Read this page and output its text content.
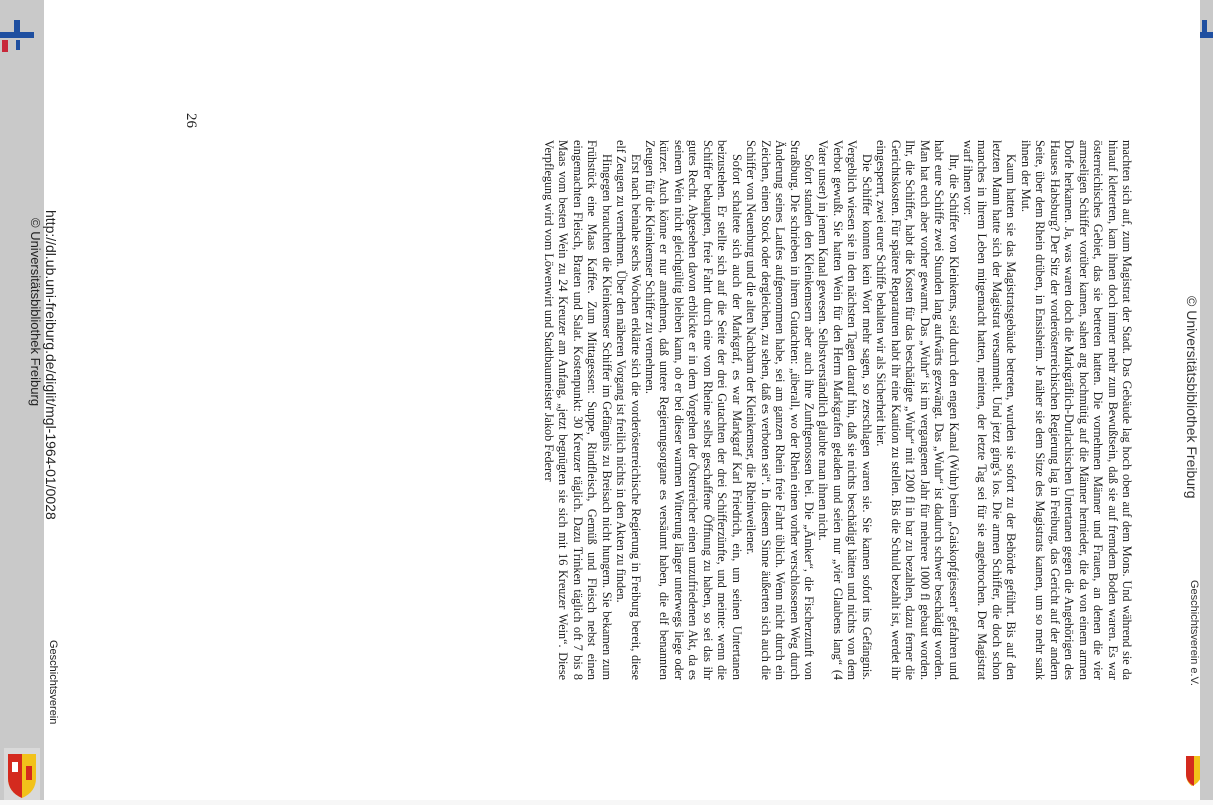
26

machten sich auf, zum Magistrat der Stadt. Das Gebäude lag hoch oben auf dem Mons. Und während sie da hinauf kletterten, kam ihnen doch immer mehr zum Bewußtsein, daß sie auf fremdem Boden waren. Es war österreichisches Gebiet, das sie betreten hatten. Die vornehmen Männer und Frauen, an denen die vier armseligen Schiffer vorüber kamen, sahen arg hochmütig auf die Männer hernieder, die da von einem armen Dorfe herkamen. Ja, was waren doch die Markgräflich-Durlachischen Untertanen gegen die Angehörigen des Hauses Habsburg? Der Sitz der vorderösterreichischen Regierung lag in Freiburg, das Gericht auf der andern Seite, über dem Rhein drüben, in Ensisheim. Je näher sie dem Sitze des Magistrats kamen, um so mehr sank ihnen der Mut.

Kaum hatten sie das Magistratsgebäude betreten, wurden sie sofort zu der Behörde geführt. Bis auf den letzten Mann hatte sich der Magistrat versammelt. Und jetzt ging's los. Die armen Schiffer, die doch schon manches in ihrem Leben mitgemacht hatten, meinten, der letzte Tag sei für sie angebrochen. Der Magistrat warf ihnen vor:

Ihr, die Schiffer von Kleinkems, seid durch den engen Kanal (Wuhr) beim „Gaiskopfgiessen“ gefahren und habt eure Schiffe zwei Stunden lang aufwärts gezwängt. Das „Wuhr“ ist dadurch schwer beschädigt worden. Man hat euch aber vorher gewarnt. Das „Wuhr“ ist im vergangenen Jahr für mehrere 1000 fl gebaut worden. Ihr, die Schiffer, habt die Kosten für das beschädigte „Wuhr“ mit 1200 fl in bar zu bezahlen, dazu ferner die Gerichtskosten. Für spätere Reparaturen habt ihr eine Kaution zu stellen. Bis die Schuld bezahlt ist, werdet ihr eingesperrt, zwei eurer Schiffe behalten wir als Sicherheit hier.

Die Schiffer konnten kein Wort mehr sagen, so zerschlagen waren sie. Sie kamen sofort ins Gefängnis. Vergeblich wiesen sie in den nächsten Tagen darauf hin, daß sie nichts beschädigt hätten und nichts von dem Verbot gewußt. Sie hatten Wein für den Herrn Markgrafen geladen und seien nur „vier Glaubens lang“ (4 Vater unser) in jenem Kanal gewesen. Selbstverständlich glaubte man ihnen nicht.

Sofort standen den Kleinkemsern aber auch ihre Zunftgenossen bei. Die „Ämker“, die Fischerzunft von Straßburg. Die schrieben in ihrem Gutachten: „überall, wo der Rhein einen vorher verschlossenen Weg durch Änderung seines Laufes aufgenommen habe, sei am ganzen Rhein freie Fahrt üblich. Wenn nicht durch ein Zeichen, einen Stock oder dergleichen, zu sehen, daß es verboten sei“. In diesem Sinne äußerten sich auch die Schiffer von Neuenburg und die alten Nachbarn der Kleinkemser, die Rheinweilener.

Sofort schaltete sich auch der Markgraf, es war Markgraf Karl Friedrich, ein, um seinen Untertanen beizustehen. Er stellte sich auf die Seite der drei Gutachten der drei Schifferzünfte, und meinte: wenn die Schiffer behaupten, freie Fahrt durch eine vom Rheine selbst geschaffene Öffnung zu haben, so sei das ihr gutes Recht. Abgesehen davon erblickte er in dem Vorgehen der Österreicher einen unzufriedenen Akt, da es seinem Wein nicht gleichgültig bleiben kann, ob er bei dieser warmen Witterung länger unterwegs liege oder kürzer. Auch könne er nur annehmen, daß untere Regierungsorgane es versäumt haben, die elf benannten Zeugen für die Kleinkemser Schiffer zu vernehmen.

Erst nach beinahe sechs Wochen erklärte sich die vorderösterreichische Regierung in Freiburg bereit, diese elf Zeugen zu vernehmen. Über den näheren Vorgang ist freilich nichts in den Akten zu finden.

Hingegen brauchten die Kleinkemser Schiffer im Gefängnis zu Breisach nicht hungern. Sie bekamen zum Frühstück eine Maas Kaffee. Zum Mittagessen: Suppe, Rindfleisch, Gemüß und Fleisch nebst einen eingemachten Fleisch, Braten und Salat. Kostenpunkt: 30 Kreuzer täglich. Dazu Trinken täglich oft 7 bis 8 Maas vom besten Wein zu 24 Kreuzer am Anfang, „jetzt begnügten sie sich mit 16 Kreuzer Wein“. Diese Verpflegung wird vom Löwenwirt und Stadtbaumeister Jakob Federer

http://dl.ub.uni-freiburg.de/diglit/mgl-1964-01/0028
© Universitätsbibliothek Freiburg
Geschichtsverein
© Universitätsbibliothek Freiburg
Geschichtsverein e.V.
